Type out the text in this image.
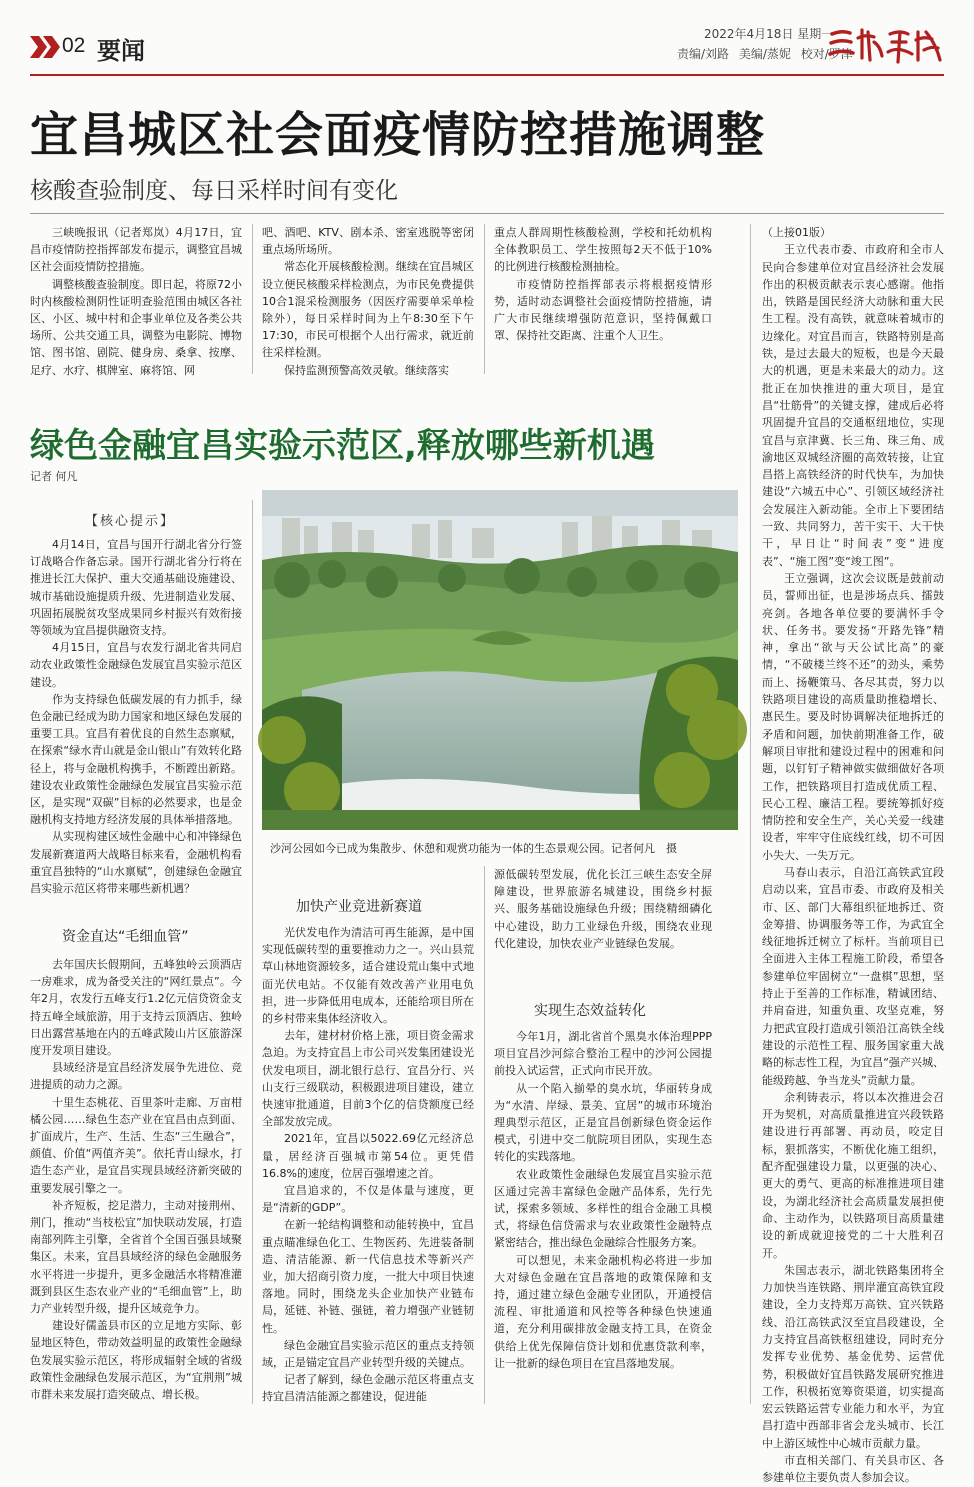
02 要闻
2022年4月18日 星期一
责编/刘路 美编/蒸妮 校对/罗津
宜昌城区社会面疫情防控措施调整
核酸查验制度、每日采样时间有变化

三峡晚报讯（记者郑岚）4月17日，宜昌市疫情防控指挥部发布提示，调整宜昌城区社会面疫情防控措施。

调整核酸查验制度。即日起，将原72小时内核酸检测阴性证明查验范围由城区各社区、小区、城中村和企事业单位及各类公共场所、公共交通工具，调整为电影院、博物馆、图书馆、剧院、健身房、桑拿、按摩、足疗、水疗、棋牌室、麻将馆、网

吧、酒吧、KTV、剧本杀、密室逃脱等密闭重点场所场所。

常态化开展核酸检测。继续在宜昌城区设立便民核酸采样检测点，为市民免费提供10合1混采检测服务（因医疗需要单采单检除外），每日采样时间为上午8:30至下午17:30，市民可根据个人出行需求，就近前往采样检测。

保持监测预警高效灵敏。继续落实

重点人群周期性核酸检测，学校和托幼机构全体教职员工、学生按照每2天不低于10%的比例进行核酸检测抽检。

市疫情防控指挥部表示将根据疫情形势，适时动态调整社会面疫情防控措施，请广大市民继续增强防范意识，坚持佩戴口罩、保持社交距离、注重个人卫生。

（上接01版）

王立代表市委、市政府和全市人民向合参建单位对宜昌经济社会发展作出的积极贡献表示衷心感谢。他指出，铁路是国民经济大动脉和重大民生工程。没有高铁，就意味着城市的边缘化。对宜昌而言，铁路特别是高铁，是过去最大的短板，也是今天最大的机遇，更是未来最大的动力。这批正在加快推进的重大项目，是宜昌“壮筋骨”的关键支撑，建成后必将巩固提升宜昌的交通枢纽地位，实现宜昌与京津冀、长三角、珠三角、成渝地区双城经济圈的高效转接，让宜昌搭上高铁经济的时代快车，为加快建设“六城五中心”、引领区域经济社会发展注入新动能。全市上下要团结一致、共同努力，苦干实干、大干快干，早日让“时间表”变“进度表”、“施工图”变“竣工图”。

王立强调，这次会议既是鼓前动员，誓师出征，也是涉场点兵、擂鼓亮剑。各地各单位要的要满怀手令状、任务书。要发扬“开路先锋”精神，拿出“欲与天公试比高”的豪情，“不破楼兰终不还”的劲头，乘势而上、扬鞭策马、各尽其责，努力以铁路项目建设的高质量助推稳增长、惠民生。要及时协调解决征地拆迁的矛盾和问题，加快前期准备工作，破解项目审批和建设过程中的困难和问题，以钉钉子精神做实做细做好各项工作，把铁路项目打造成优质工程、民心工程、廉洁工程。要统筹抓好疫情防控和安全生产，关心关爱一线建设者，牢牢守住底线红线，切不可因小失大、一失万元。

马春山表示，自沿江高铁武宜段启动以来，宜昌市委、市政府及相关市、区、部门大幕组织征地拆迁、资金筹措、协调服务等工作，为武宜全线征地拆迁树立了标杆。当前项目已全面进入主体工程施工阶段，希望各参建单位牢固树立“一盘棋”思想，坚持止于至善的工作标准，精诚团结、并肩奋进，知重负重、攻坚克难，努力把武宜段打造成引领沿江高铁全线建设的示范性工程、服务国家重大战略的标志性工程，为宜昌“强产兴城、能级跨越、争当龙头”贡献力量。

余利铸表示，将以本次推进会召开为契机，对高质量推进宜兴段铁路建设进行再部署、再动员，咬定目标，狠抓落实，不断优化施工组织，配齐配强建设力量，以更强的决心、更大的勇气、更高的标准推进项目建设，为湖北经济社会高质量发展担使命、主动作为，以铁路项目高质量建设的新成就迎接党的二十大胜利召开。

朱国志表示，湖北铁路集团将全力加快当连铁路、荆岸灌宜高铁宜段建设，全力支持郑万高铁、宜兴铁路线、沿江高铁武汉至宜昌段建设，全力支持宜昌高铁枢纽建设，同时充分发挥专业优势、基金优势、运营优势，积极做好宜昌铁路发展研究推进工作，积极拓宽筹资渠道，切实提高宏云铁路运营专业能力和水平，为宜昌打造中西部非省会龙头城市、长江中上游区域性中心城市贡献力量。

市直相关部门、有关县市区、各参建单位主要负责人参加会议。

绿色金融宜昌实验示范区,释放哪些新机遇
记者 何凡
【核心提示】

4月14日，宜昌与国开行湖北省分行签订战略合作备忘录。国开行湖北省分行将在推进长江大保护、重大交通基础设施建设、城市基础设施提质升级、先进制造业发展、巩固拓展脱贫攻坚成果同乡村振兴有效衔接等领域为宜昌提供融资支持。

4月15日，宜昌与农发行湖北省共同启动农业政策性金融绿色发展宜昌实验示范区建设。

作为支持绿色低碳发展的有力抓手，绿色金融已经成为助力国家和地区绿色发展的重要工具。宜昌有着优良的自然生态禀赋，在探索“绿水青山就是金山银山”有效转化路径上，将与金融机构携手，不断蹚出新路。建设农业政策性金融绿色发展宜昌实验示范区，是实现“双碳”目标的必然要求，也是金融机构支持地方经济发展的具体举措落地。

从实现构建区域性金融中心和冲锋绿色发展新赛道两大战略目标来看，金融机构看重宜昌独特的“山水禀赋”，创建绿色金融宜昌实验示范区将带来哪些新机遇？

资金直达“毛细血管”

去年国庆长假期间，五峰独岭云顶酒店一房难求，成为备受关注的“网红景点”。今年2月，农发行五峰支行1.2亿元信贷资金支持五峰全域旅游，用于支持云顶酒店、独岭日出露营基地在内的五峰武陵山片区旅游深度开发项目建设。

县域经济是宜昌经济发展争先进位、竞进提质的动力之源。

十里生态桃花、百里茶叶走廊、万亩柑橘公园……绿色生态产业在宜昌由点到面、扩面成片，生产、生活、生态“三生融合”，颜值、价值“两值齐美”。依托青山绿水，打造生态产业，是宜昌实现县域经济新突破的重要发展引擎之一。

补齐短板，挖足潜力，主动对接荆州、荆门，推动“当枝松宜”加快联动发展，打造南部列阵主引擎，全省首个全国百强县域聚集区。未来，宜昌县域经济的绿色金融服务水平将进一步提升，更多金融活水将精准灌溉到县区生态农业产业的“毛细血管”上，助力产业转型升级，提升区域竞争力。

建设好儒盖县市区的立足地方实际、彰显地区特色，带动效益明显的政策性金融绿色发展实验示范区，将形成辐射全域的省级政策性金融绿色发展示范区，为“宜荆荆”城市群未来发展打造突破点、增长极。

沙河公园如今已成为集散步、休憩和观赏功能为一体的生态景观公园。记者何凡　摄
加快产业竞进新赛道

光伏发电作为清洁可再生能源，是中国实现低碳转型的重要推动力之一。兴山县荒草山林地资源较多，适合建设荒山集中式地面光伏电站。不仅能有效改善产业用电负担，进一步降低用电成本，还能给项目所在的乡村带来集体经济收入。

去年，建材材价格上涨，项目资金需求急迫。为支持宜昌上市公司兴发集团建设光伏发电项目，湖北银行总行、宜昌分行、兴山支行三级联动，积极跟进项目建设，建立快速审批通道，目前3个亿的信贷额度已经全部发放完成。

2021年，宜昌以5022.69亿元经济总量，居经济百强城市第54位。更凭借16.8%的速度，位居百强增速之首。

宜昌追求的，不仅是体量与速度，更是“清新的GDP”。

在新一轮结构调整和动能转换中，宜昌重点瞄准绿色化工、生物医药、先进装备制造、清洁能源、新一代信息技术等新兴产业，加大招商引资力度，一批大中项目快速落地。同时，围绕龙头企业加快产业链布局，延链、补链、强链，着力增强产业链韧性。

绿色金融宜昌实验示范区的重点支持领域，正是锚定宜昌产业转型升级的关键点。

记者了解到，绿色金融示范区将重点支持宜昌清洁能源之都建设，促进能

源低碳转型发展，优化长江三峡生态安全屏障建设，世界旅游名城建设，围绕乡村振兴、服务基础设施绿色升级；围绕精细磷化中心建设，助力工业绿色升级，围绕农业现代化建设，加快农业产业链绿色发展。

实现生态效益转化

今年1月，湖北省首个黑臭水体治理PPP项目宜昌沙河綜合整治工程中的沙河公园提前投入试运营，正式向市民开放。

从一个陷入揃晕的臭水坑，华丽转身成为“水清、岸绿、景美、宜居”的城市环境治理典型示范区，正是宜昌创新绿色资金运作模式，引进中交二航院项目团队，实现生态转化的实践落地。

农业政策性金融绿色发展宜昌实验示范区通过完善丰富绿色金融产品体系，先行先试，探索多领域、多样性的组合金融工具模式，将绿色信贷需求与农业政策性金融特点紧密结合，推出绿色金融综合性服务方案。

可以想见，未来金融机构必将进一步加大对绿色金融在宜昌落地的政策保障和支持，通过建立绿色金融专业团队，开通授信流程、审批通道和风控等各种绿色快速通道，充分利用碳排放金融支持工具，在资金供给上优先保障信贷计划和优惠贷款利率，让一批新的绿色项目在宜昌落地发展。
